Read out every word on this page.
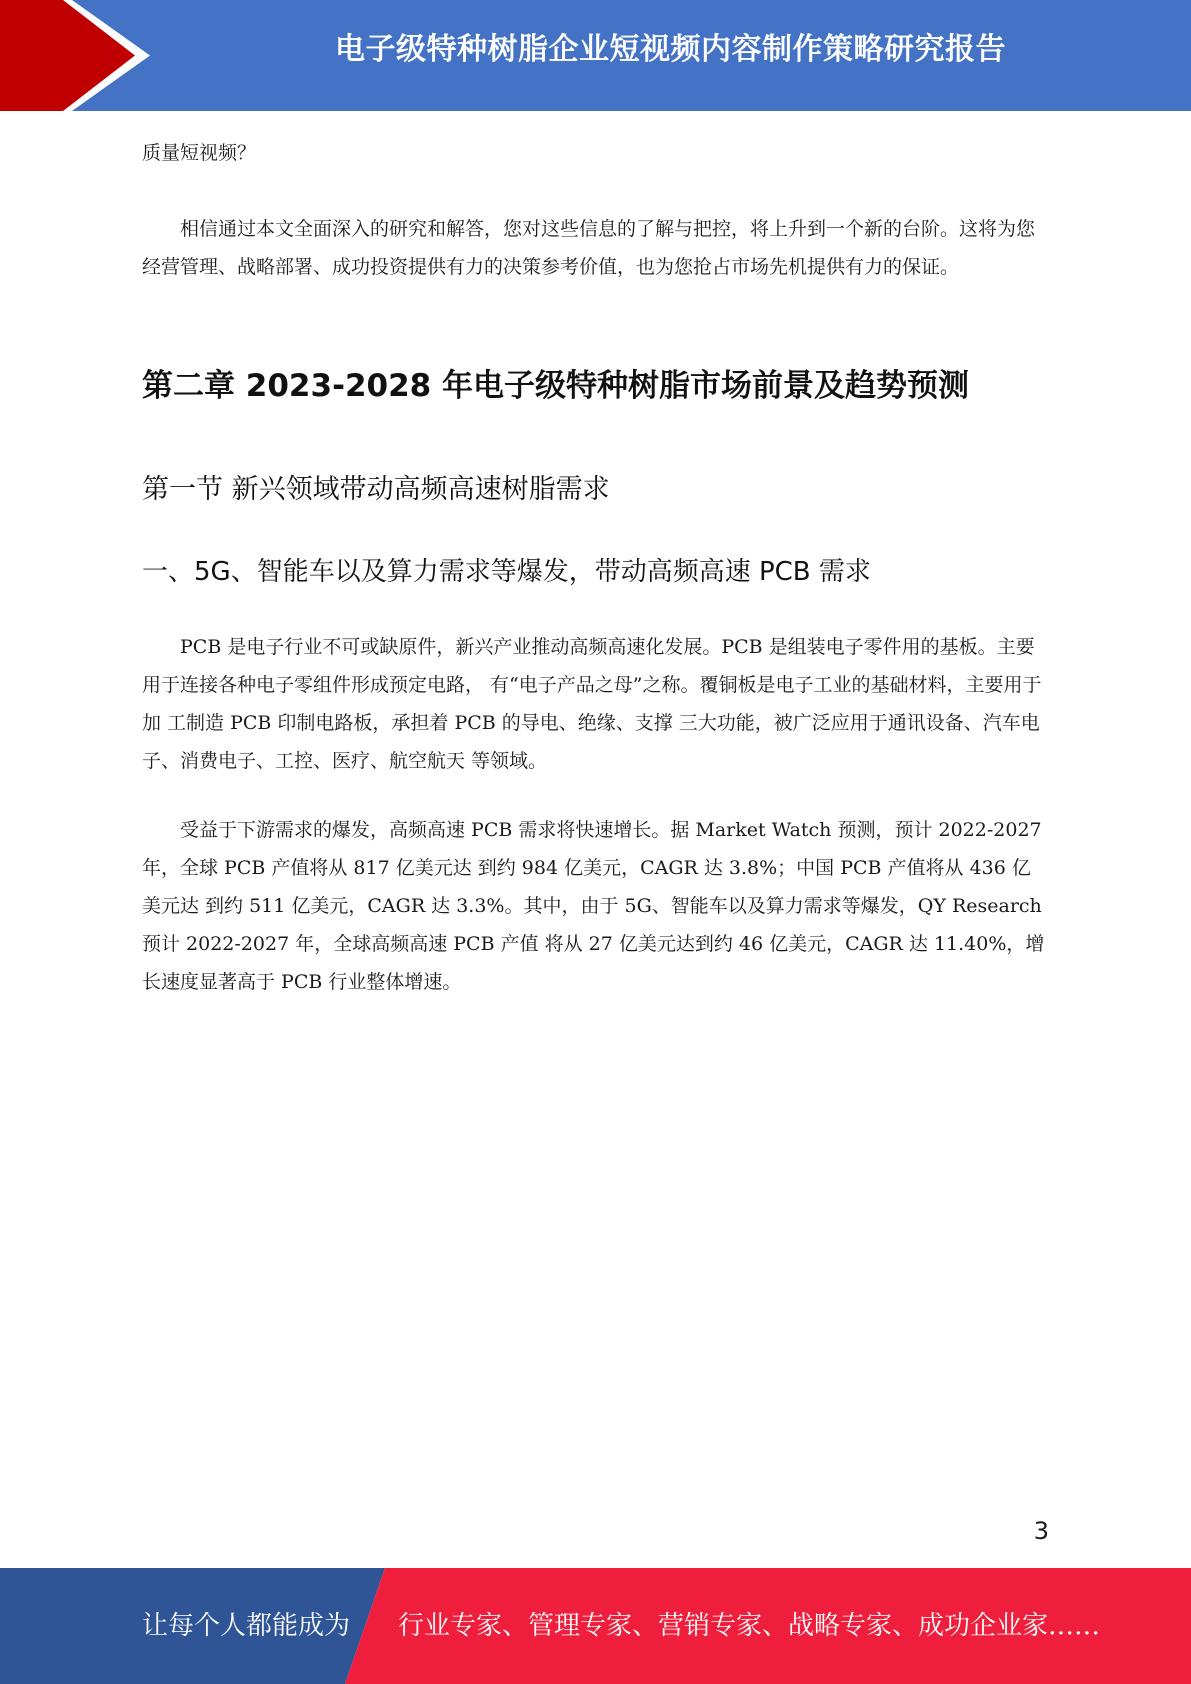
电子级特种树脂企业短视频内容制作策略研究报告

质量短视频？

相信通过本文全面深入的研究和解答，您对这些信息的了解与把控，将上升到一个新的台阶。这将为您经营管理、战略部署、成功投资提供有力的决策参考价值，也为您抢占市场先机提供有力的保证。

第二章 2023-2028 年电子级特种树脂市场前景及趋势预测
第一节 新兴领域带动高频高速树脂需求
一、5G、智能车以及算力需求等爆发，带动高频高速 PCB 需求

PCB 是电子行业不可或缺原件，新兴产业推动高频高速化发展。PCB 是组装电子零件用的基板。主要用于连接各种电子零组件形成预定电路， 有“电子产品之母”之称。覆铜板是电子工业的基础材料，主要用于加 工制造 PCB 印制电路板，承担着 PCB 的导电、绝缘、支撑 三大功能，被广泛应用于通讯设备、汽车电子、消费电子、工控、医疗、航空航天 等领域。

受益于下游需求的爆发，高频高速 PCB 需求将快速增长。据 Market Watch 预测，预计 2022-2027 年，全球 PCB 产值将从 817 亿美元达 到约 984 亿美元，CAGR 达 3.8%；中国 PCB 产值将从 436 亿美元达 到约 511 亿美元，CAGR 达 3.3%。其中，由于 5G、智能车以及算力需求等爆发，QY Research 预计 2022-2027 年，全球高频高速 PCB 产值 将从 27 亿美元达到约 46 亿美元，CAGR 达 11.40%，增长速度显著高于 PCB 行业整体增速。

3
让每个人都能成为 行业专家、管理专家、营销专家、战略专家、成功企业家……
